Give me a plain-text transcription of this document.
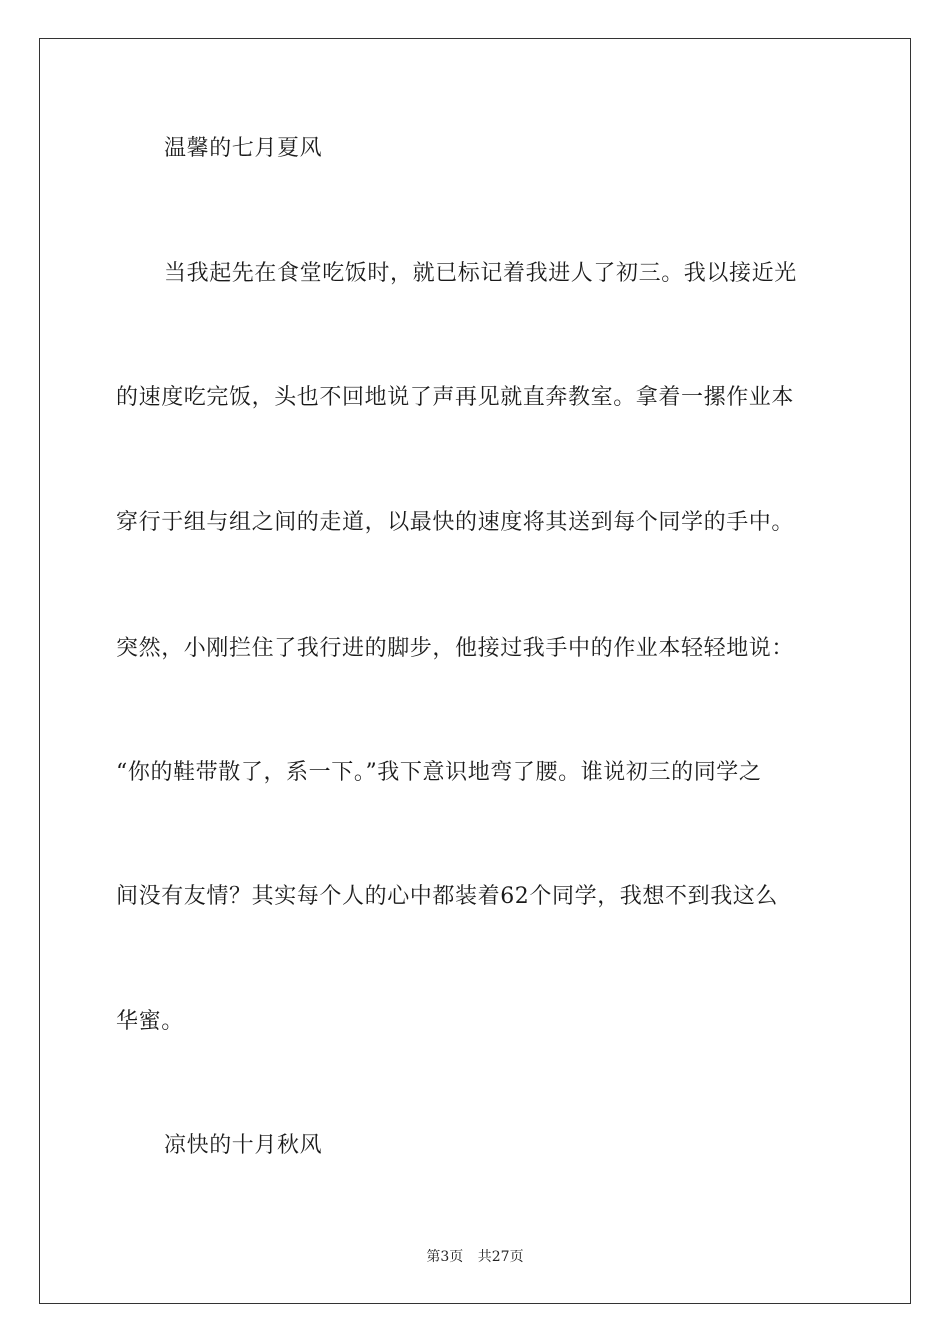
温馨的七月夏风
当我起先在食堂吃饭时，就已标记着我进人了初三。我以接近光
的速度吃完饭，头也不回地说了声再见就直奔教室。拿着一摞作业本
穿行于组与组之间的走道，以最快的速度将其送到每个同学的手中。
突然，小刚拦住了我行进的脚步，他接过我手中的作业本轻轻地说：
“你的鞋带散了，系一下。”我下意识地弯了腰。谁说初三的同学之
间没有友情？其实每个人的心中都装着62个同学，我想不到我这么
华蜜。
凉快的十月秋风
第3页 共27页
